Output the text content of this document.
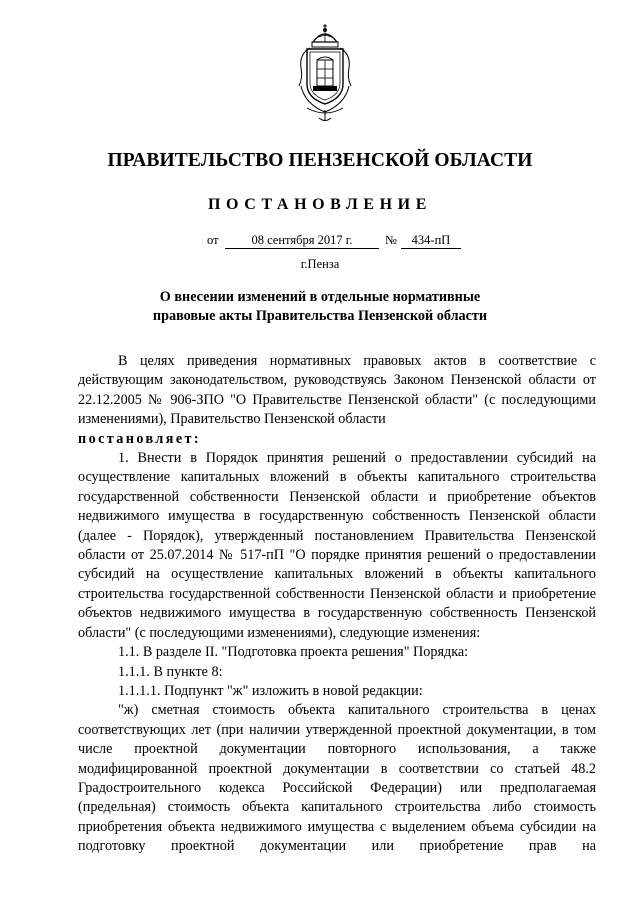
ПРАВИТЕЛЬСТВО ПЕНЗЕНСКОЙ ОБЛАСТИ
ПОСТАНОВЛЕНИЕ
от	08 сентября 2017 г.	№	434-пП
г.Пенза
О внесении изменений в отдельные нормативные
правовые акты Правительства Пензенской области

В целях приведения нормативных правовых актов в соответствие с действующим законодательством, руководствуясь Законом Пензенской области от 22.12.2005 № 906-ЗПО "О Правительстве Пензенской области" (с последующими изменениями), Правительство Пензенской области

постановляет:

1. Внести в Порядок принятия решений о предоставлении субсидий на осуществление капитальных вложений в объекты капитального строительства государственной собственности Пензенской области и приобретение объектов недвижимого имущества в государственную собственность Пензенской области (далее - Порядок), утвержденный постановлением Правительства Пензенской области от 25.07.2014 № 517-пП "О порядке принятия решений о предоставлении субсидий на осуществление капитальных вложений в объекты капитального строительства государственной собственности Пензенской области и приобретение объектов недвижимого имущества в государственную собственность Пензенской области" (с последующими изменениями), следующие изменения:

1.1. В разделе II. "Подготовка проекта решения" Порядка:

1.1.1. В пункте 8:

1.1.1.1. Подпункт "ж" изложить в новой редакции:

"ж) сметная стоимость объекта капитального строительства в ценах соответствующих лет (при наличии утвержденной проектной документации, в том числе проектной документации повторного использования, а также модифицированной проектной документации в соответствии со статьей 48.2 Градостроительного кодекса Российской Федерации) или предполагаемая (предельная) стоимость объекта капитального строительства либо стоимость приобретения объекта недвижимого имущества с выделением объема субсидии на подготовку проектной документации или приобретение прав на
